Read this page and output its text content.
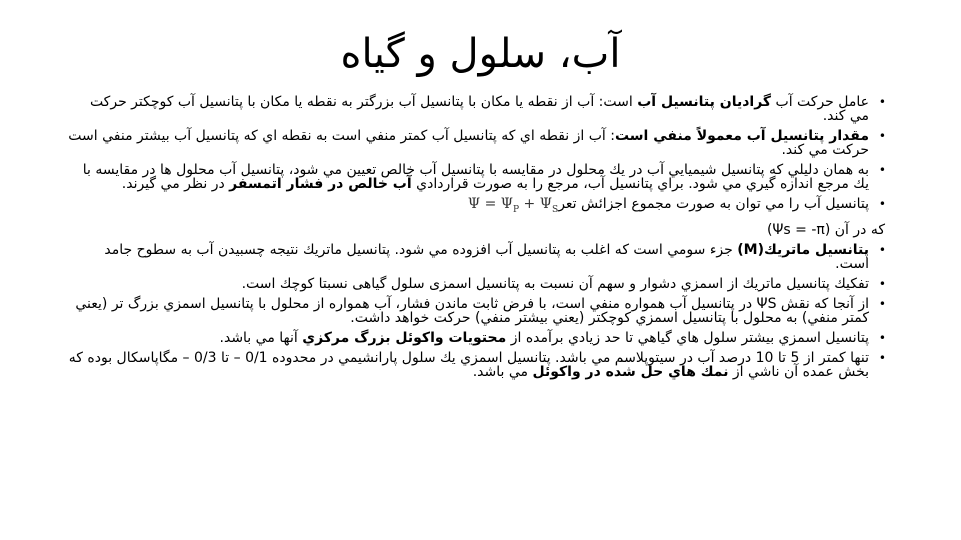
آب، سلول و گياه

• عامل حركت آب گراديان پتانسيل آب است: آب از نقطه يا مكان با پتانسيل آب بزرگتر به نقطه يا مكان با پتانسيل آب كوچكتر حركت مي كند.

• مقدار پتانسيل آب معمولاً منفي است: آب از نقطه اي كه پتانسيل آب كمتر منفي است به نقطه اي كه پتانسيل آب بيشتر منفي است حركت مي كند.

• به همان دليلي كه پتانسيل شيميايي آب در يك محلول در مقايسه با پتانسيل آب خالص تعيين مي شود، پتانسيل آب محلول ها در مقايسه با يك مرجع اندازه گيري مي شود. براي پتانسيل آب، مرجع را به صورت قراردادي آب خالص در فشار اتمسفر در نظر مي گيرند.

• پتانسيل آب را مي توان به صورت مجموع اجزائش تعرΨ = $\Psi_P + \Psi_S$

كه در آن (Ψs = -π)

• پتانسيل ماتريك(M) جزء سومي است كه اغلب به پتانسيل آب افزوده مي شود. پتانسيل ماتريك نتيجه چسبيدن آب به سطوح جامد است.

• تفكيك پتانسيل ماتريك از اسمزي دشوار و سهم آن نسبت به پتانسيل اسمزی سلول گیاهی نسبتا کوچك است.

• از آنجا كه نقش ΨS در پتانسيل آب همواره منفي است، با فرض ثابت ماندن فشار، آب همواره از محلول با پتانسيل اسمزي بزرگ تر (يعني كمتر منفي) به محلول با پتانسيل اسمزي كوچكتر (يعني بيشتر منفي) حركت خواهد داشت.

• پتانسيل اسمزي بيشتر سلول هاي گياهي تا حد زيادي برآمده از محتويات واكوئل بزرگ مركزي آنها مي باشد.

• تنها كمتر از 5 تا 10 درصد آب در سيتوپلاسم مي باشد. پتانسيل اسمزي يك سلول پارانشيمي در محدوده 0/1 – تا 0/3 – مگاپاسكال بوده كه بخش عمده آن ناشي از نمك هاي حل شده در واكوئل مي باشد.
